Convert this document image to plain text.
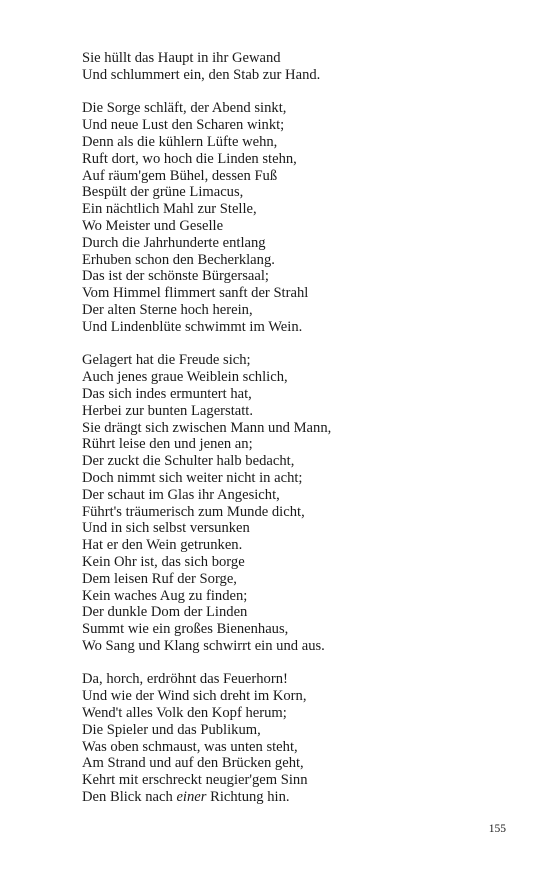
Sie hüllt das Haupt in ihr Gewand
Und schlummert ein, den Stab zur Hand.
Die Sorge schläft, der Abend sinkt,
Und neue Lust den Scharen winkt;
Denn als die kühlern Lüfte wehn,
Ruft dort, wo hoch die Linden stehn,
Auf räum'gem Bühel, dessen Fuß
Bespült der grüne Limacus,
Ein nächtlich Mahl zur Stelle,
Wo Meister und Geselle
Durch die Jahrhunderte entlang
Erhuben schon den Becherklang.
Das ist der schönste Bürgersaal;
Vom Himmel flimmert sanft der Strahl
Der alten Sterne hoch herein,
Und Lindenblüte schwimmt im Wein.
Gelagert hat die Freude sich;
Auch jenes graue Weiblein schlich,
Das sich indes ermuntert hat,
Herbei zur bunten Lagerstatt.
Sie drängt sich zwischen Mann und Mann,
Rührt leise den und jenen an;
Der zuckt die Schulter halb bedacht,
Doch nimmt sich weiter nicht in acht;
Der schaut im Glas ihr Angesicht,
Führt's träumerisch zum Munde dicht,
Und in sich selbst versunken
Hat er den Wein getrunken.
Kein Ohr ist, das sich borge
Dem leisen Ruf der Sorge,
Kein waches Aug zu finden;
Der dunkle Dom der Linden
Summt wie ein großes Bienenhaus,
Wo Sang und Klang schwirrt ein und aus.
Da, horch, erdröhnt das Feuerhorn!
Und wie der Wind sich dreht im Korn,
Wend't alles Volk den Kopf herum;
Die Spieler und das Publikum,
Was oben schmaust, was unten steht,
Am Strand und auf den Brücken geht,
Kehrt mit erschreckt neugier'gem Sinn
Den Blick nach einer Richtung hin.
155
